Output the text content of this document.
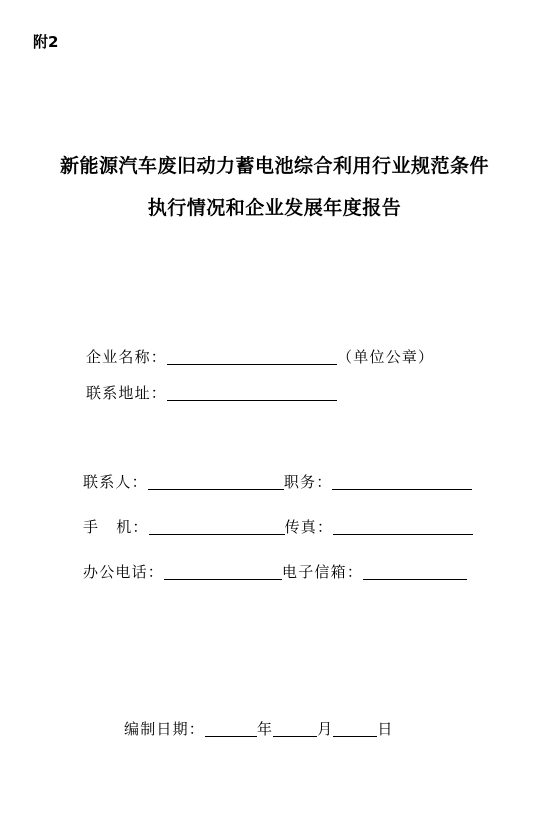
附2
新能源汽车废旧动力蓄电池综合利用行业规范条件
执行情况和企业发展年度报告
企业名称：	（单位公章）
联系地址：
联系人：	职务：
手 机：	传真：
办公电话：	电子信箱：
编制日期：	年	月	日
